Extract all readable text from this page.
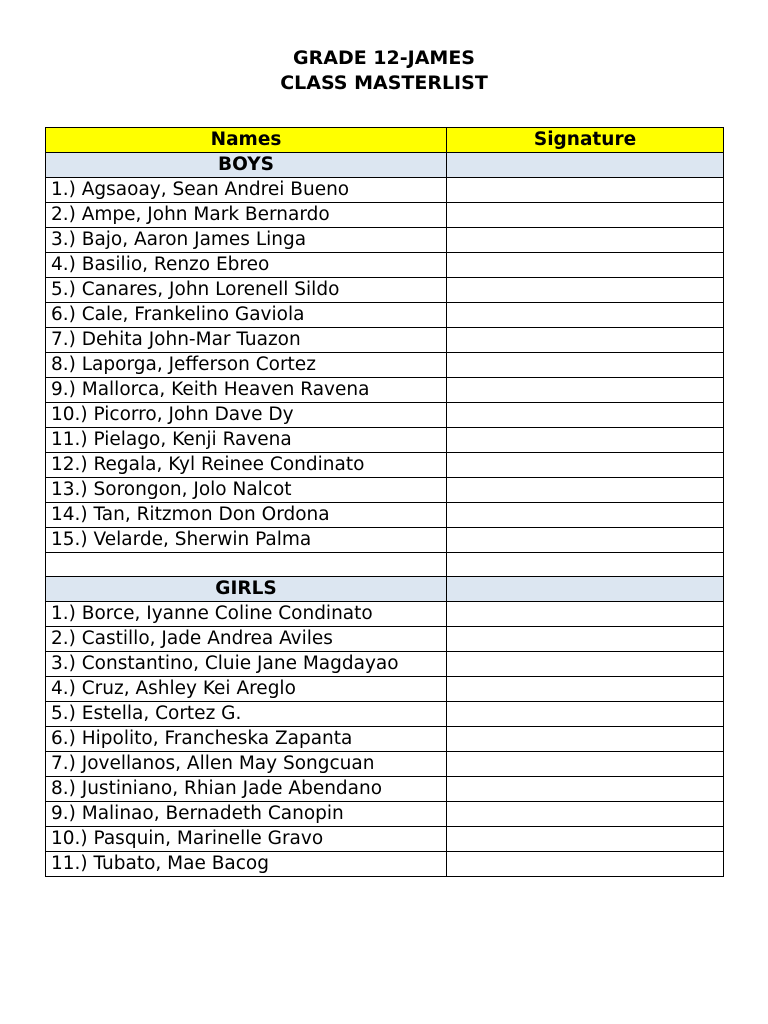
GRADE 12-JAMES
CLASS MASTERLIST
Names	Signature
BOYS	
1.) Agsaoay, Sean Andrei Bueno	
2.) Ampe, John Mark Bernardo	
3.) Bajo, Aaron James Linga	
4.) Basilio, Renzo Ebreo	
5.) Canares, John Lorenell Sildo	
6.) Cale, Frankelino Gaviola	
7.) Dehita John-Mar Tuazon	
8.) Laporga, Jefferson Cortez	
9.) Mallorca, Keith Heaven Ravena	
10.) Picorro, John Dave Dy	
11.) Pielago, Kenji Ravena	
12.) Regala, Kyl Reinee Condinato	
13.) Sorongon, Jolo Nalcot	
14.) Tan, Ritzmon Don Ordona	
15.) Velarde, Sherwin Palma	

GIRLS	
1.) Borce, Iyanne Coline Condinato	
2.) Castillo, Jade Andrea Aviles	
3.) Constantino, Cluie Jane Magdayao	
4.) Cruz, Ashley Kei Areglo	
5.) Estella, Cortez G.	
6.) Hipolito, Francheska Zapanta	
7.) Jovellanos, Allen May Songcuan	
8.) Justiniano, Rhian Jade Abendano	
9.) Malinao, Bernadeth Canopin	
10.) Pasquin, Marinelle Gravo	
11.) Tubato, Mae Bacog	
